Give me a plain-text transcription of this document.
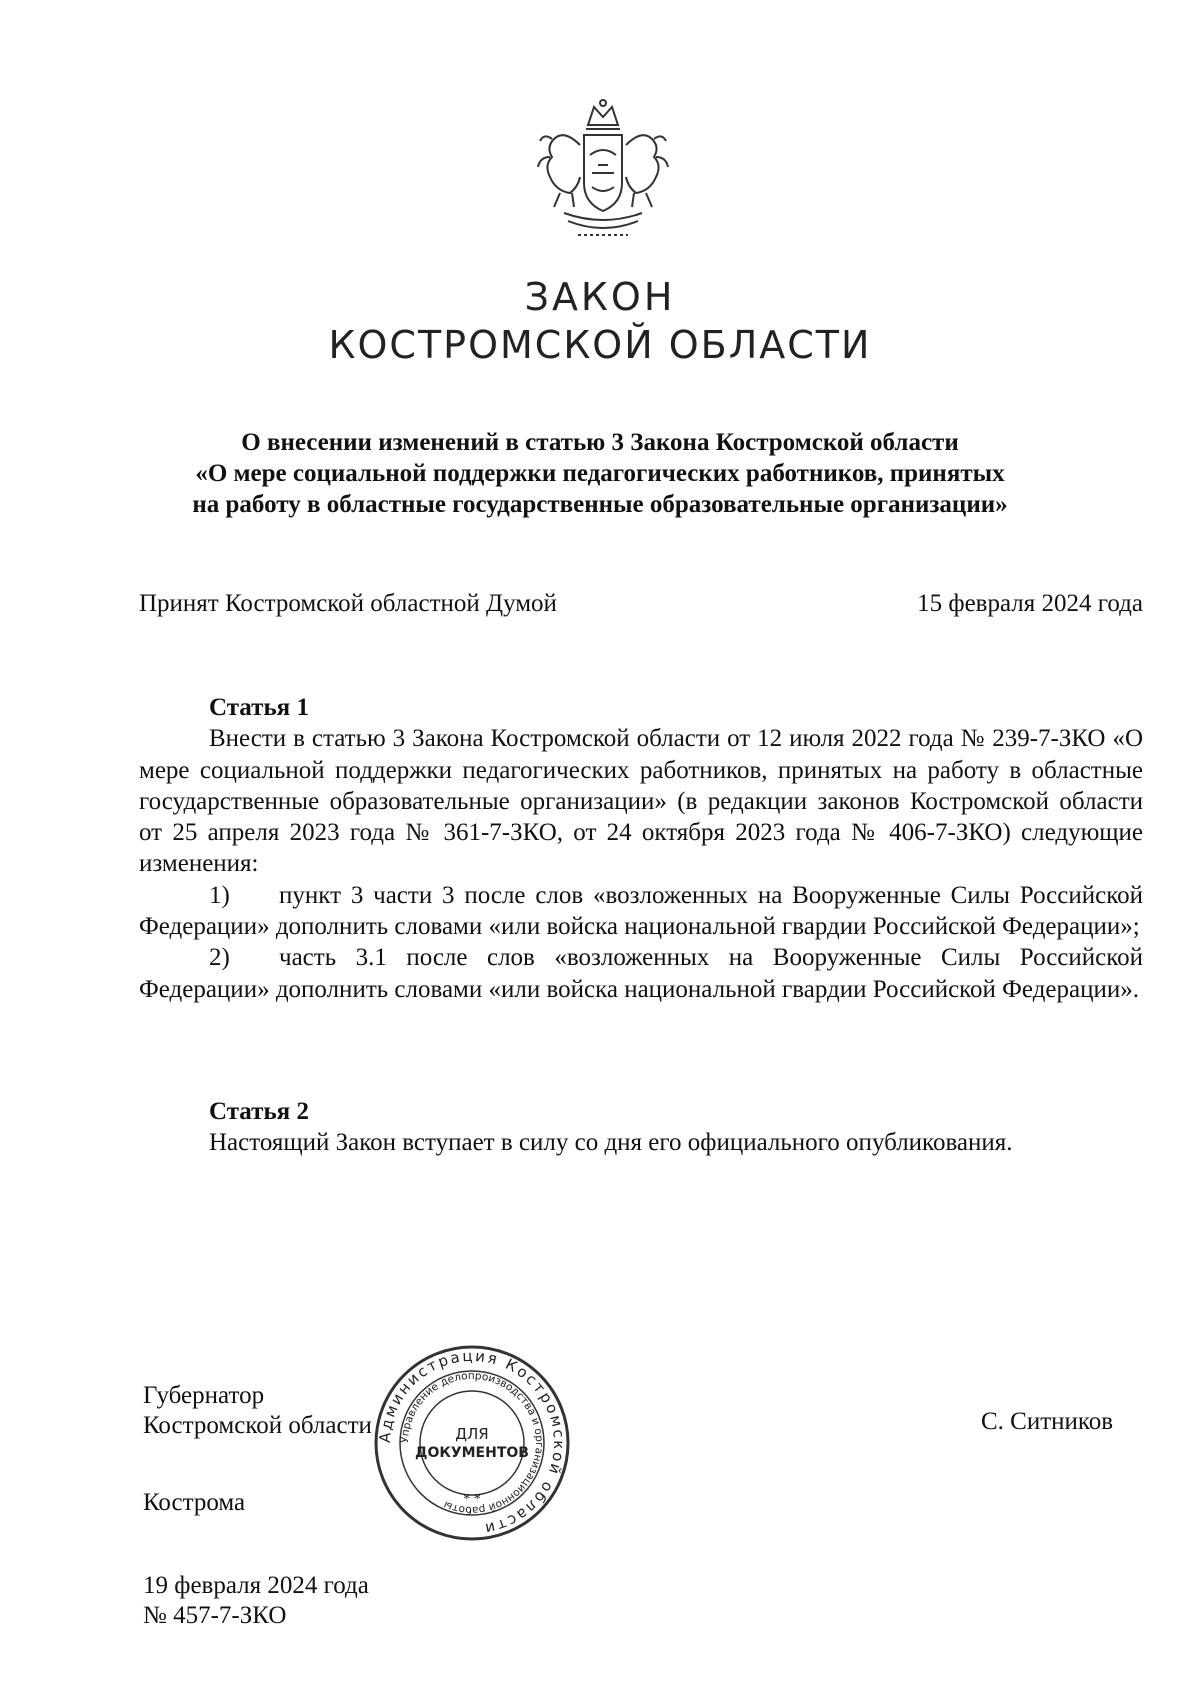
ЗАКОН
КОСТРОМСКОЙ ОБЛАСТИ
О внесении изменений в статью 3 Закона Костромской области
«О мере социальной поддержки педагогических работников, принятых
на работу в областные государственные образовательные организации»
Принят Костромской областной Думой	15 февраля 2024 года
Статья 1
Внести в статью 3 Закона Костромской области от 12 июля 2022 года № 239-7-ЗКО «О мере социальной поддержки педагогических работников, принятых на работу в областные государственные образовательные организации» (в редакции законов Костромской области от 25 апреля 2023 года № 361-7-ЗКО, от 24 октября 2023 года № 406-7-ЗКО) следующие изменения:
1) пункт 3 части 3 после слов «возложенных на Вооруженные Силы Российской Федерации» дополнить словами «или войска национальной гвардии Российской Федерации»;
2) часть 3.1 после слов «возложенных на Вооруженные Силы Российской Федерации» дополнить словами «или войска национальной гвардии Российской Федерации».
Статья 2
Настоящий Закон вступает в силу со дня его официального опубликования.
Губернатор
Костромской области	С. Ситников
Кострома
19 февраля 2024 года
№ 457-7-ЗКО
Администрация Костромской области
Управление делопроизводства и организационной работы
ДЛЯ
ДОКУМЕНТОВ
* *
